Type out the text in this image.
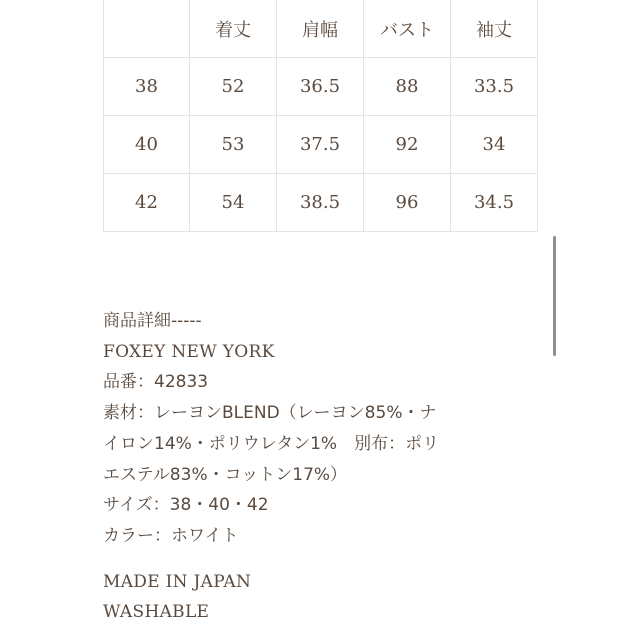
	着丈	肩幅	バスト	袖丈
38	52	36.5	88	33.5
40	53	37.5	92	34
42	54	38.5	96	34.5
商品詳細-----
FOXEY NEW YORK
品番：42833
素材：レーヨンBLEND（レーヨン85%・ナ
イロン14%・ポリウレタン1%　別布：ポリ
エステル83%・コットン17%）
サイズ：38・40・42
カラー：ホワイト
MADE IN JAPAN
WASHABLE
